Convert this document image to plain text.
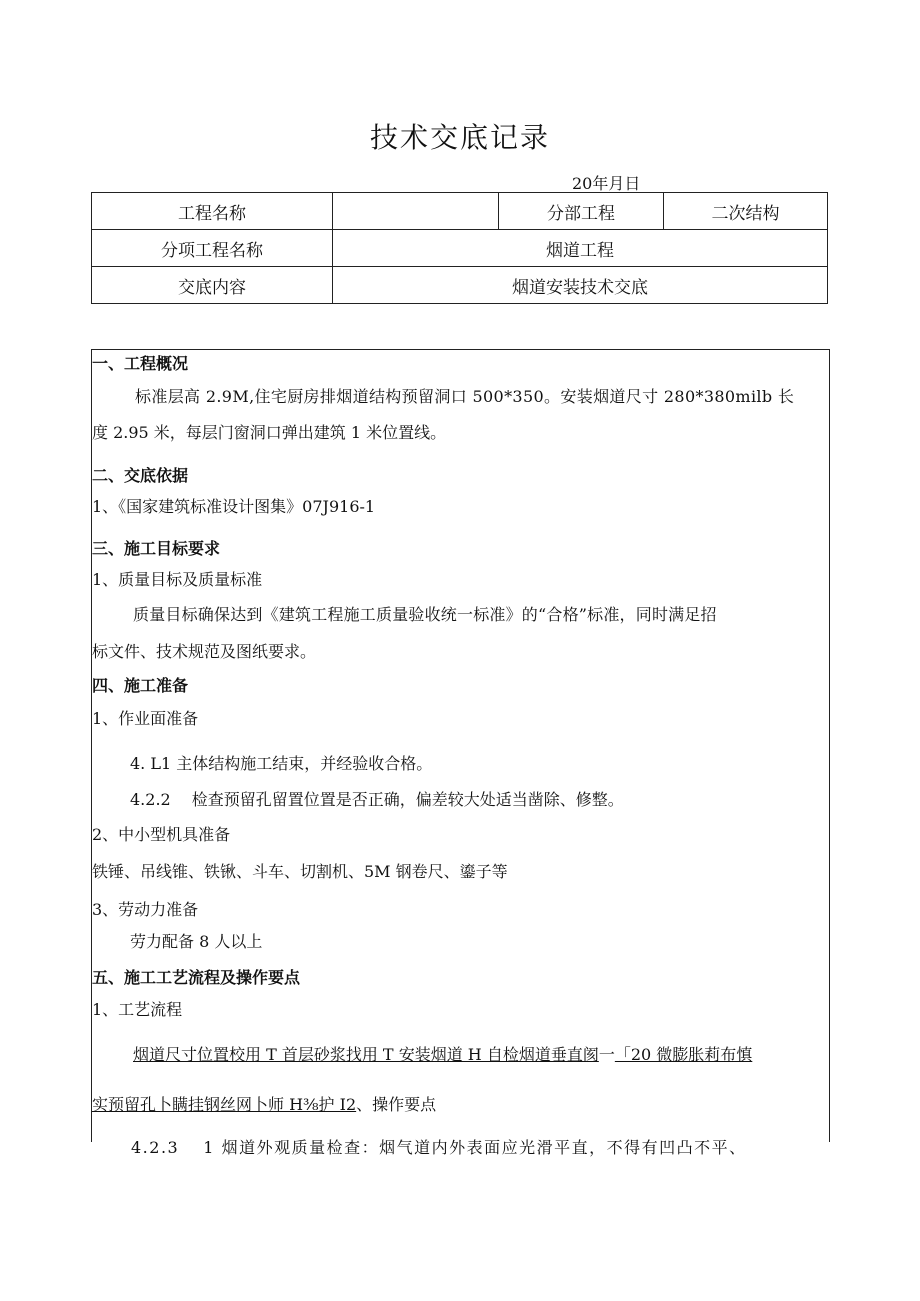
技术交底记录
20年月日
工程名称		分部工程	二次结构
分项工程名称	烟道工程		
交底内容	烟道安装技术交底		
一、工程概况
标准层高 2.9M,住宅厨房排烟道结构预留洞口 500*350。安装烟道尺寸 280*380milb 长
度 2.95 米，每层门窗洞口弹出建筑 1 米位置线。
二、交底依据
1、《国家建筑标准设计图集》07J916-1
三、施工目标要求
1、质量目标及质量标准
质量目标确保达到《建筑工程施工质量验收统一标准》的“合格”标准，同时满足招
标文件、技术规范及图纸要求。
四、施工准备
1、作业面准备
4. L1 主体结构施工结束，并经验收合格。
4.2.2　 检查预留孔留置位置是否正确，偏差较大处适当凿除、修整。
2、中小型机具准备
铁锤、吊线锥、铁锹、斗车、切割机、5M 钢卷尺、鎏子等
3、劳动力准备
劳力配备 8 人以上
五、施工工艺流程及操作要点
1、工艺流程
烟道尺寸位置校用 T 首层砂浆找用 T 安装烟道 H 自检烟道垂直阂一「20 微膨胀莉布慎
实预留孔卜瞒挂钢丝网卜师 H⅜护 I2、操作要点
4.2.3　 1 烟道外观质量检查：烟气道内外表面应光滑平直，不得有凹凸不平、
